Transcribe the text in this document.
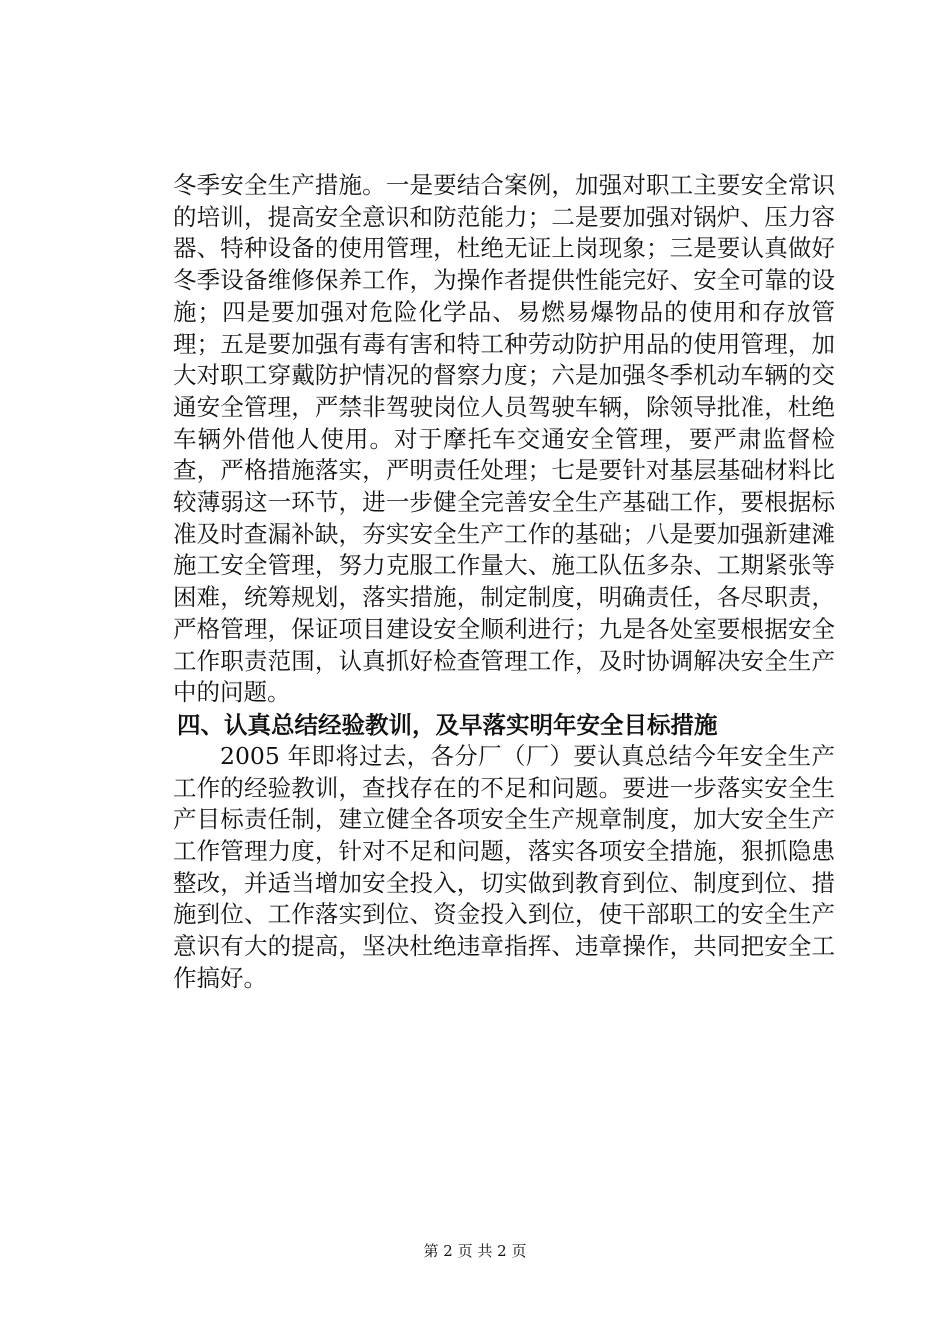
冬季安全生产措施。一是要结合案例，加强对职工主要安全常识的培训，提高安全意识和防范能力；二是要加强对锅炉、压力容器、特种设备的使用管理，杜绝无证上岗现象；三是要认真做好冬季设备维修保养工作，为操作者提供性能完好、安全可靠的设施；四是要加强对危险化学品、易燃易爆物品的使用和存放管理；五是要加强有毒有害和特工种劳动防护用品的使用管理，加大对职工穿戴防护情况的督察力度；六是加强冬季机动车辆的交通安全管理，严禁非驾驶岗位人员驾驶车辆，除领导批准，杜绝车辆外借他人使用。对于摩托车交通安全管理，要严肃监督检查，严格措施落实，严明责任处理；七是要针对基层基础材料比较薄弱这一环节，进一步健全完善安全生产基础工作，要根据标准及时查漏补缺，夯实安全生产工作的基础；八是要加强新建滩施工安全管理，努力克服工作量大、施工队伍多杂、工期紧张等困难，统筹规划，落实措施，制定制度，明确责任，各尽职责，严格管理，保证项目建设安全顺利进行；九是各处室要根据安全工作职责范围，认真抓好检查管理工作，及时协调解决安全生产中的问题。

四、认真总结经验教训，及早落实明年安全目标措施

2005 年即将过去，各分厂（厂）要认真总结今年安全生产工作的经验教训，查找存在的不足和问题。要进一步落实安全生产目标责任制，建立健全各项安全生产规章制度，加大安全生产工作管理力度，针对不足和问题，落实各项安全措施，狠抓隐患整改，并适当增加安全投入，切实做到教育到位、制度到位、措施到位、工作落实到位、资金投入到位，使干部职工的安全生产意识有大的提高，坚决杜绝违章指挥、违章操作，共同把安全工作搞好。

第 2 页 共 2 页
